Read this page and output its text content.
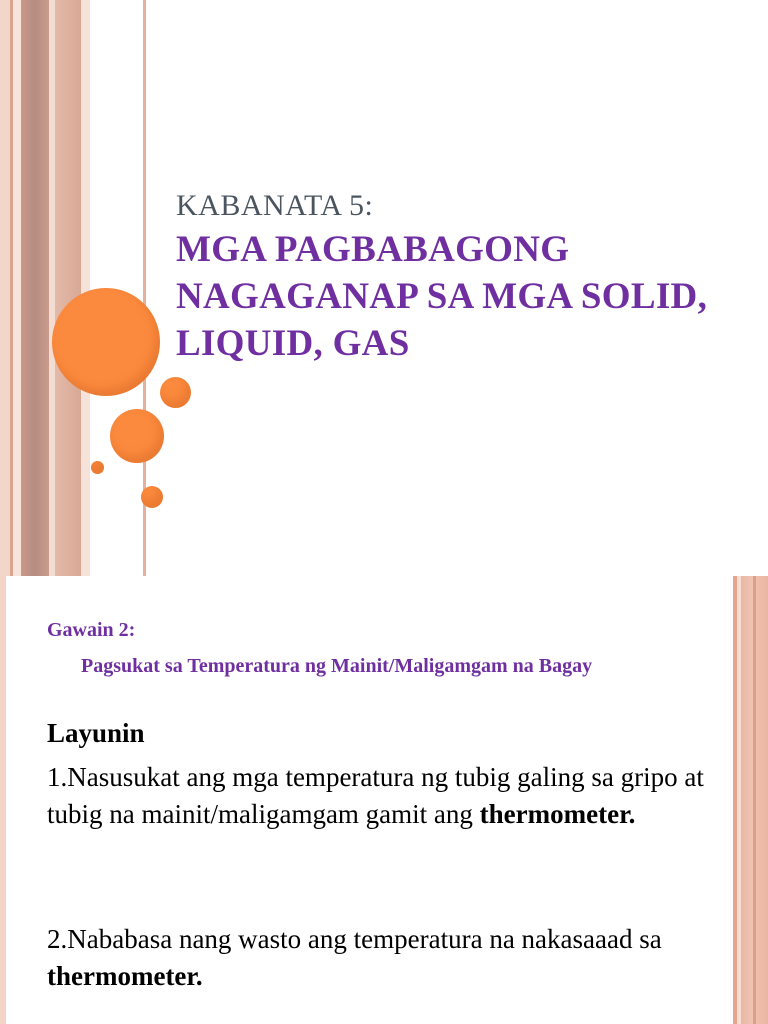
KABANATA 5:
MGA PAGBABAGONG NAGAGANAP SA MGA SOLID, LIQUID, GAS
Gawain 2:
Pagsukat sa Temperatura ng Mainit/Maligamgam na Bagay
Layunin
1.Nasusukat ang mga temperatura ng tubig galing sa gripo at tubig na mainit/maligamgam gamit ang thermometer.
2.Nababasa nang wasto ang temperatura na nakasaaad sa thermometer.
